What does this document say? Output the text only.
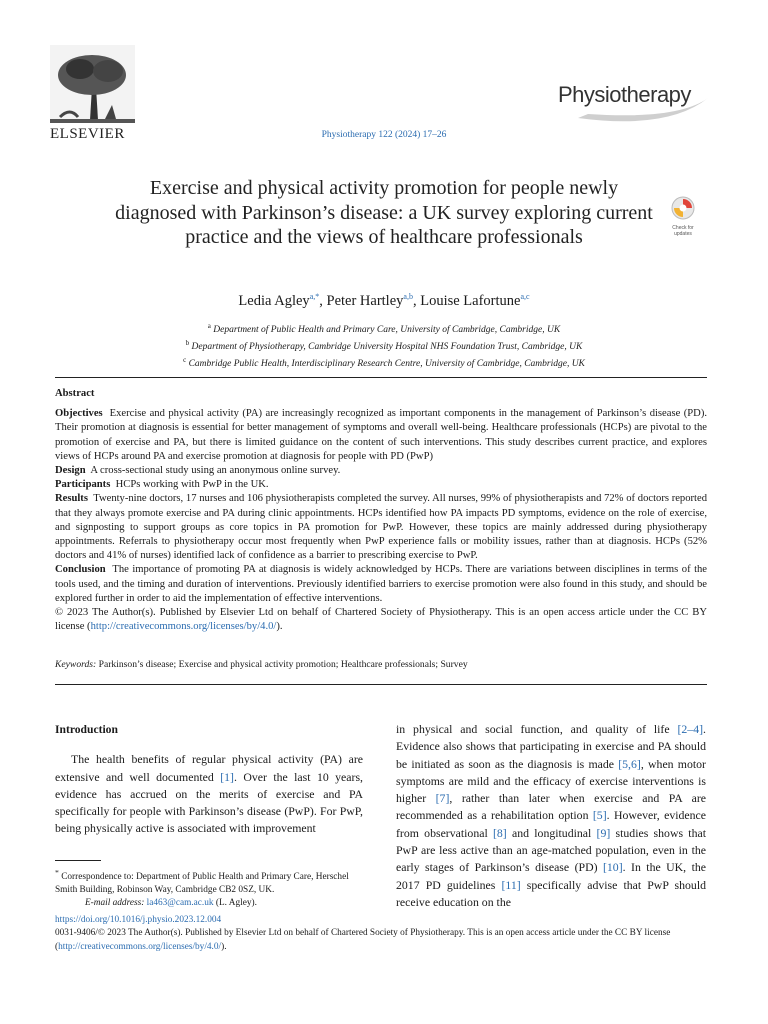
ELSEVIER	Physiotherapy 122 (2024) 17–26
Physiotherapy
Exercise and physical activity promotion for people newly diagnosed with Parkinson’s disease: a UK survey exploring current practice and the views of healthcare professionals	Check for
updates
Ledia Agley$^{a,*}$, Peter Hartley$^{a,b}$, Louise Lafortune$^{a,c}$
$^a$ Department of Public Health and Primary Care, University of Cambridge, Cambridge, UK
$^b$ Department of Physiotherapy, Cambridge University Hospital NHS Foundation Trust, Cambridge, UK
$^c$ Cambridge Public Health, Interdisciplinary Research Centre, University of Cambridge, Cambridge, UK
Abstract

Objectives Exercise and physical activity (PA) are increasingly recognized as important components in the management of Parkinson’s disease (PD). Their promotion at diagnosis is essential for better management of symptoms and overall well-being. Healthcare professionals (HCPs) are pivotal to the promotion of exercise and PA, but there is limited guidance on the content of such interventions. This study describes current practice, and explores views of HCPs around PA and exercise promotion at diagnosis for people with PD (PwP)

Design A cross-sectional study using an anonymous online survey.

Participants HCPs working with PwP in the UK.

Results Twenty-nine doctors, 17 nurses and 106 physiotherapists completed the survey. All nurses, 99% of physiotherapists and 72% of doctors reported that they always promote exercise and PA during clinic appointments. HCPs identified how PA impacts PD symptoms, evidence on the role of exercise, and signposting to support groups as core topics in PA promotion for PwP. However, these topics are mainly addressed during physiotherapy appointments. Referrals to physiotherapy occur most frequently when PwP experience falls or mobility issues, rather than at diagnosis. HCPs (52% doctors and 41% of nurses) identified lack of confidence as a barrier to prescribing exercise to PwP.

Conclusion The importance of promoting PA at diagnosis is widely acknowledged by HCPs. There are variations between disciplines in terms of the tools used, and the timing and duration of interventions. Previously identified barriers to exercise promotion were also found in this study, and should be explored further in order to aid the implementation of effective interventions.

© 2023 The Author(s). Published by Elsevier Ltd on behalf of Chartered Society of Physiotherapy. This is an open access article under the CC BY license (http://creativecommons.org/licenses/by/4.0/).

Keywords: Parkinson’s disease; Exercise and physical activity promotion; Healthcare professionals; Survey
Introduction

The health benefits of regular physical activity (PA) are extensive and well documented [1]. Over the last 10 years, evidence has accrued on the merits of exercise and PA specifically for people with Parkinson’s disease (PwP). For PwP, being physically active is associated with improvement

in physical and social function, and quality of life [2–4]. Evidence also shows that participating in exercise and PA should be initiated as soon as the diagnosis is made [5,6], when motor symptoms are mild and the efficacy of exercise interventions is higher [7], rather than later when exercise and PA are recommended as a rehabilitation option [5]. However, evidence from observational [8] and longitudinal [9] studies shows that PwP are less active than an age-matched population, even in the early stages of Parkinson’s disease (PD) [10]. In the UK, the 2017 PD guidelines [11] specifically advise that PwP should receive education on the

* Correspondence to: Department of Public Health and Primary Care, Herschel Smith Building, Robinson Way, Cambridge CB2 0SZ, UK.
E-mail address: la463@cam.ac.uk (L. Agley).
https://doi.org/10.1016/j.physio.2023.12.004
0031-9406/© 2023 The Author(s). Published by Elsevier Ltd on behalf of Chartered Society of Physiotherapy. This is an open access article under the CC BY license (http://creativecommons.org/licenses/by/4.0/).
